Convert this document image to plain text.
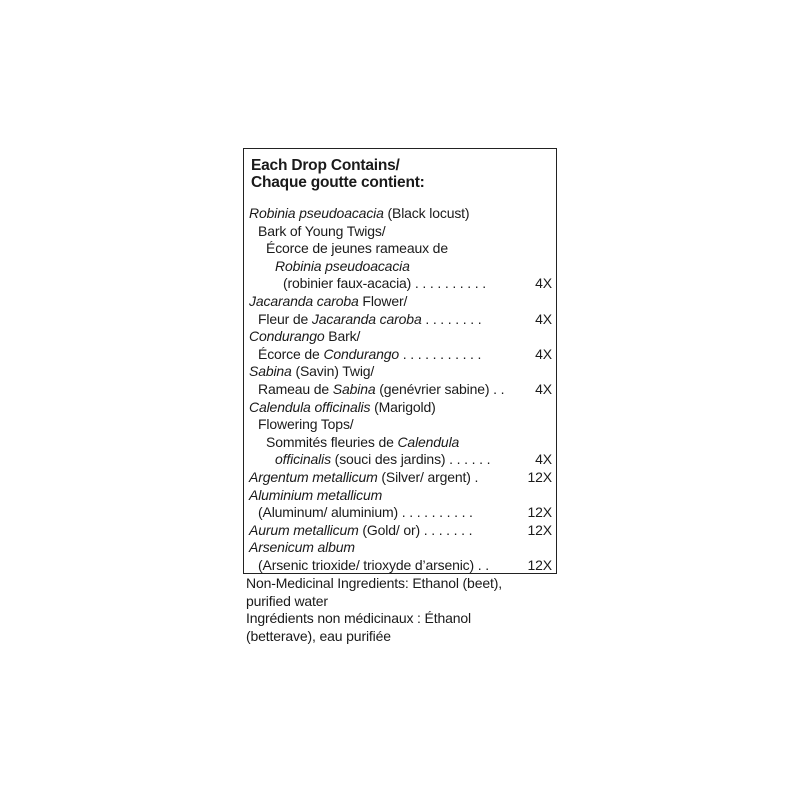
Each Drop Contains/
Chaque goutte contient:
Robinia pseudoacacia (Black locust)
Bark of Young Twigs/
Écorce de jeunes rameaux de
Robinia pseudoacacia
(robinier faux-acacia) . . . . . . . . . .	4X
Jacaranda caroba Flower/
Fleur de Jacaranda caroba . . . . . . . .	4X
Condurango Bark/
Écorce de Condurango . . . . . . . . . . .	4X
Sabina (Savin) Twig/
Rameau de Sabina (genévrier sabine) . . 4X
Calendula officinalis (Marigold)
Flowering Tops/
Sommités fleuries de Calendula
officinalis (souci des jardins) . . . . . .	4X
Argentum metallicum (Silver/ argent) .	12X
Aluminium metallicum
(Aluminum/ aluminium) . . . . . . . . . .	12X
Aurum metallicum (Gold/ or) . . . . . . .	12X
Arsenicum album
(Arsenic trioxide/ trioxyde d’arsenic) . .	12X
Non-Medicinal Ingredients: Ethanol (beet),
purified water
Ingrédients non médicinaux : Éthanol
(betterave), eau purifiée
